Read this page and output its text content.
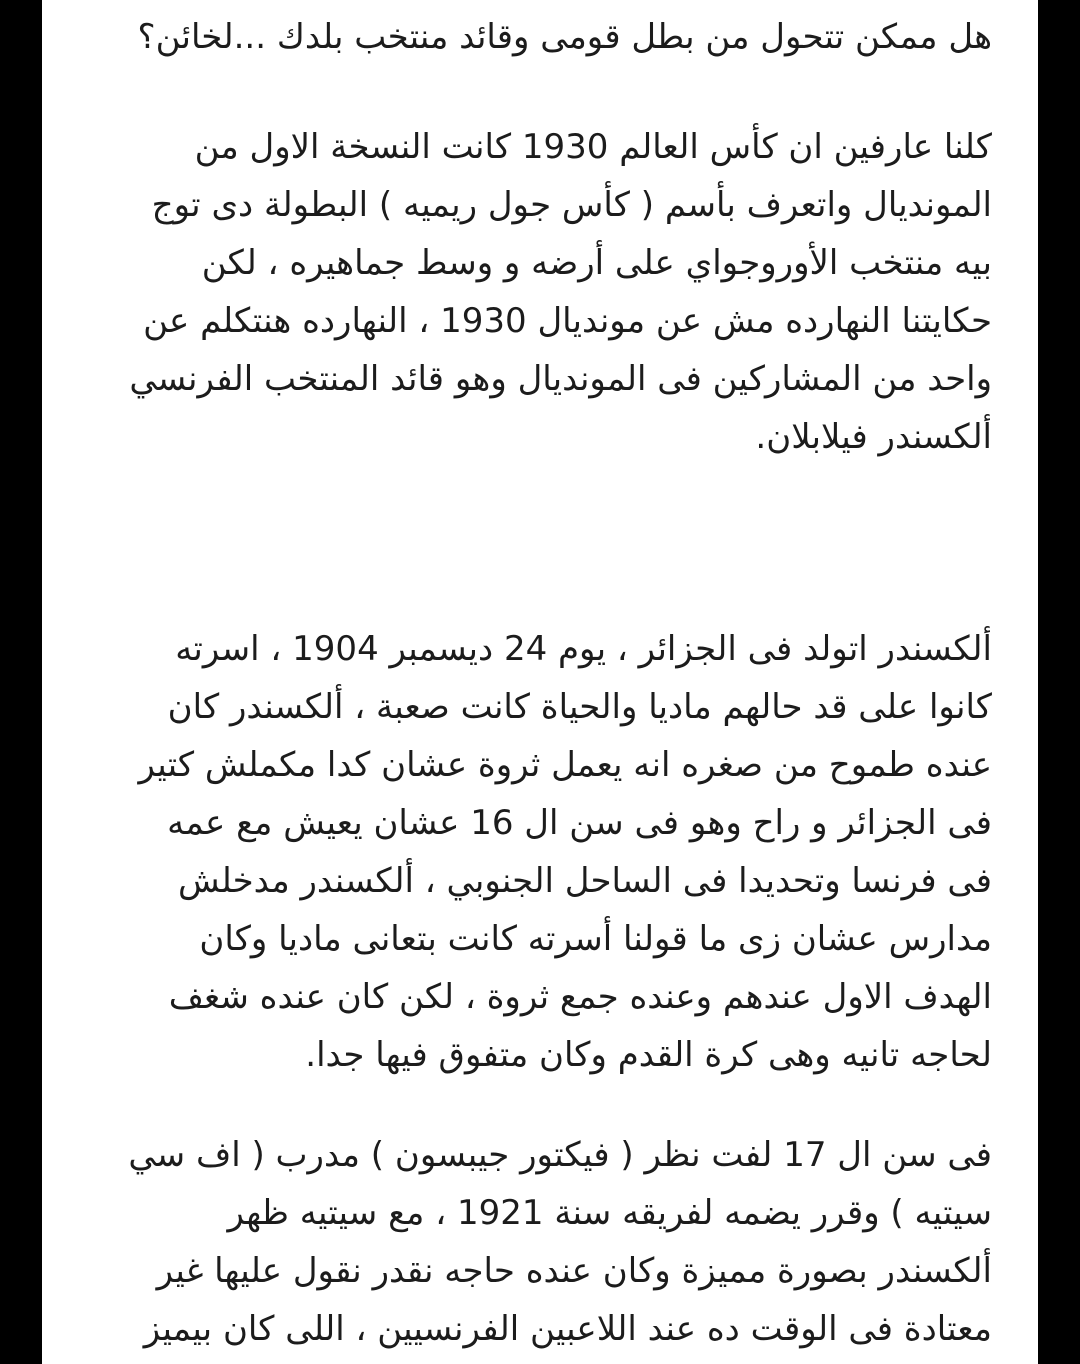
هل ممكن تتحول من بطل قومى وقائد منتخب بلدك ...لخائن؟
كلنا عارفين ان كأس العالم 1930 كانت النسخة الاول من
المونديال واتعرف بأسم ( كأس جول ريميه ) البطولة دى توج
بيه منتخب الأوروجواي على أرضه و وسط جماهيره ، لكن
حكايتنا النهارده مش عن مونديال 1930 ، النهارده هنتكلم عن
واحد من المشاركين فى المونديال وهو قائد المنتخب الفرنسي
ألكسندر فيلابلان.
ألكسندر اتولد فى الجزائر ، يوم 24 ديسمبر 1904 ، اسرته
كانوا على قد حالهم ماديا والحياة كانت صعبة ، ألكسندر كان
عنده طموح من صغره انه يعمل ثروة عشان كدا مكملش كتير
فى الجزائر و راح وهو فى سن ال 16 عشان يعيش مع عمه
فى فرنسا وتحديدا فى الساحل الجنوبي ، ألكسندر مدخلش
مدارس عشان زى ما قولنا أسرته كانت بتعانى ماديا وكان
الهدف الاول عندهم وعنده جمع ثروة ، لكن كان عنده شغف
لحاجه تانيه وهى كرة القدم وكان متفوق فيها جدا.
فى سن ال 17 لفت نظر ( فيكتور جيبسون ) مدرب ( اف سي
سيتيه ) وقرر يضمه لفريقه سنة 1921 ، مع سيتيه ظهر
ألكسندر بصورة مميزة وكان عنده حاجه نقدر نقول عليها غير
معتادة فى الوقت ده عند اللاعبين الفرنسيين ، اللى كان بيميز
